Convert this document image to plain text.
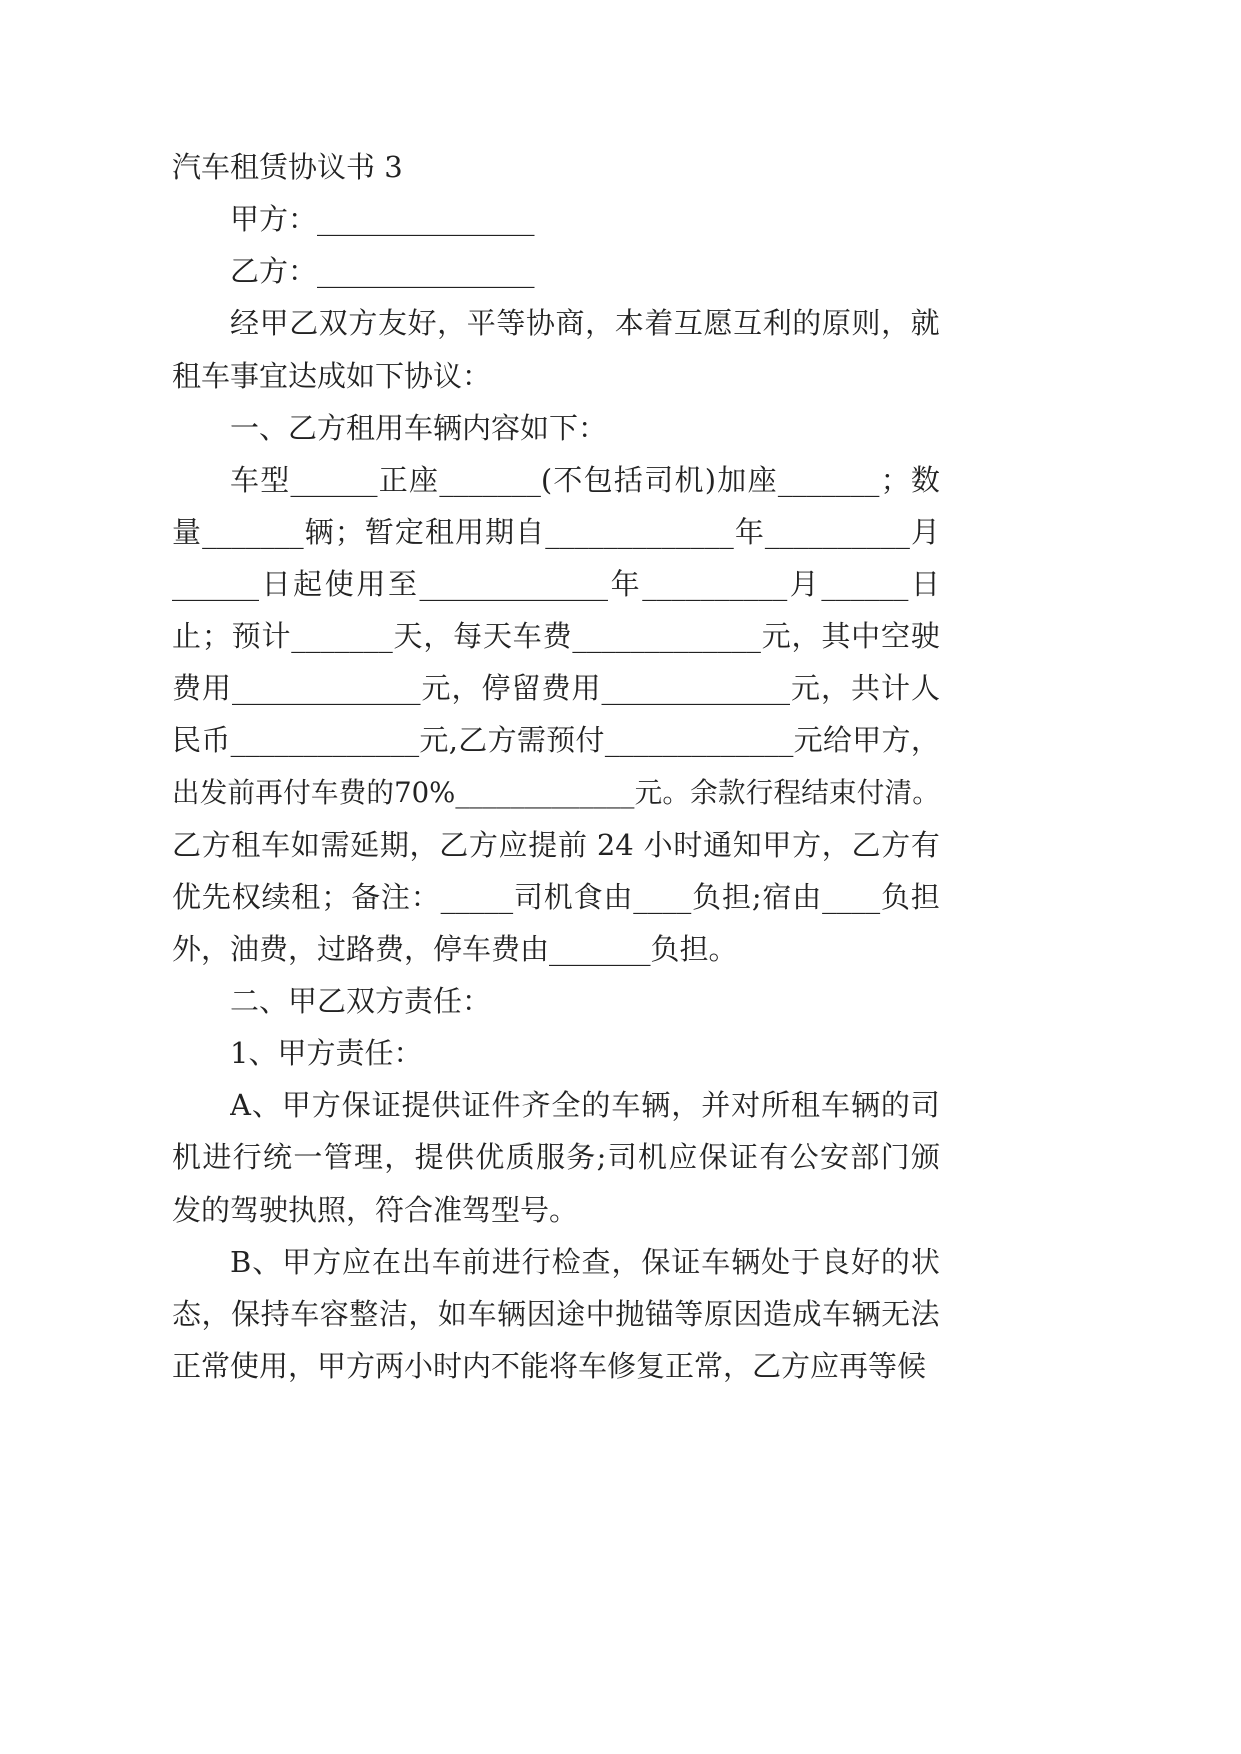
汽车租赁协议书 3
甲方：_______________
乙方：_______________
经 甲 乙 双 方 友 好 ， 平 等 协 商 ， 本 着 互 愿 互 利 的 原 则 ， 就
租车事宜达成如下协议：
一、乙方租用车辆内容如下：
车 型 ______ 正 座 _______( 不 包 括 司 机 ) 加 座 _______ ； 数
量 _______ 辆 ； 暂 定 租 用 期 自 _____________ 年 __________ 月
______ 日 起 使 用 至 _____________ 年 __________ 月 ______ 日
止 ； 预 计 _______ 天 ， 每 天 车 费 _____________ 元 ， 其 中 空 驶
费 用 _____________ 元 ， 停 留 费 用 _____________ 元 ， 共 计 人
民 币 _____________ 元 , 乙 方 需 预 付 _____________ 元 给 甲 方 ，
出 发 前 再 付 车 费 的 70%_____________ 元 。 余 款 行 程 结 束 付 清 。
乙 方 租 车 如 需 延 期 ， 乙 方 应 提 前 24 小 时 通 知 甲 方 ， 乙 方 有
优 先 权 续 租 ； 备 注 ： _____ 司 机 食 由 ____ 负 担 ; 宿 由 ____ 负 担
外，油费，过路费，停车费由_______负担。
二、甲乙双方责任：
1、甲方责任：
A 、 甲 方 保 证 提 供 证 件 齐 全 的 车 辆 ， 并 对 所 租 车 辆 的 司
机 进 行 统 一 管 理 ， 提 供 优 质 服 务 ; 司 机 应 保 证 有 公 安 部 门 颁
发的驾驶执照，符合准驾型号。
B 、 甲 方 应 在 出 车 前 进 行 检 查 ， 保 证 车 辆 处 于 良 好 的 状
态 ， 保 持 车 容 整 洁 ， 如 车 辆 因 途 中 抛 锚 等 原 因 造 成 车 辆 无 法
正常使用，甲方两小时内不能将车修复正常，乙方应再等候
